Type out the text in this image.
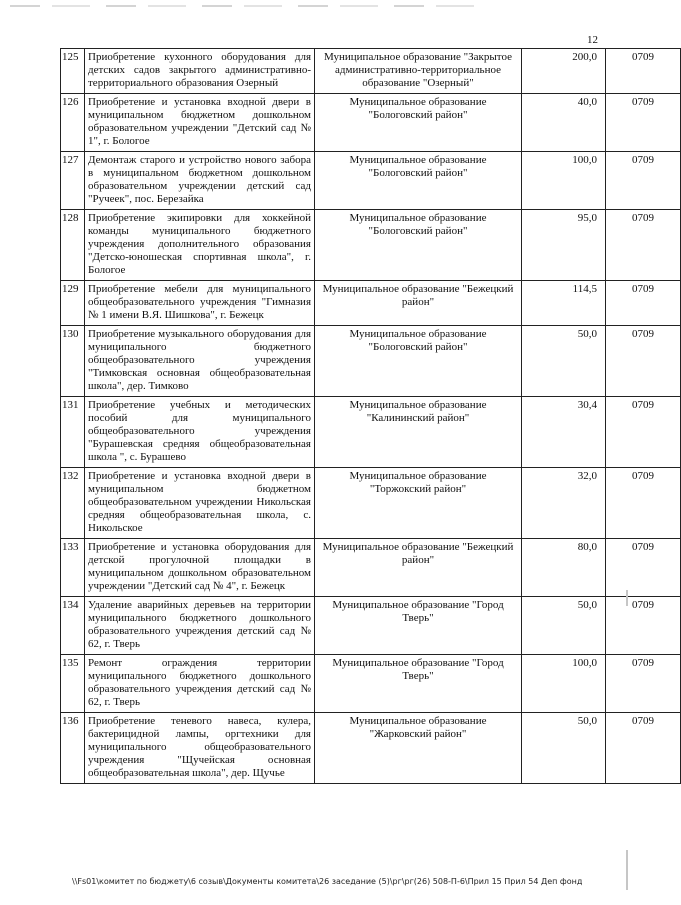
12
125	Приобретение кухонного оборудования для детских садов закрытого административно-территориального образования Озерный	Муниципальное образование "Закрытое административно-территориальное образование "Озерный"	200,0	0709
126	Приобретение и установка входной двери в муниципальном бюджетном дошкольном образовательном учреждении "Детский сад № 1", г. Бологое	Муниципальное образование "Бологовский район"	40,0	0709
127	Демонтаж старого и устройство нового забора в муниципальном бюджетном дошкольном образовательном учреждении детский сад "Ручеек", пос. Березайка	Муниципальное образование "Бологовский район"	100,0	0709
128	Приобретение экипировки для хоккейной команды муниципального бюджетного учреждения дополнительного образования "Детско-юношеская спортивная школа", г. Бологое	Муниципальное образование "Бологовский район"	95,0	0709
129	Приобретение мебели для муниципального общеобразовательного учреждения "Гимназия № 1 имени В.Я. Шишкова", г. Бежецк	Муниципальное образование "Бежецкий район"	114,5	0709
130	Приобретение музыкального оборудования для муниципального бюджетного общеобразовательного учреждения "Тимковская основная общеобразовательная школа", дер. Тимково	Муниципальное образование "Бологовский район"	50,0	0709
131	Приобретение учебных и методических пособий для муниципального общеобразовательного учреждения "Бурашевская средняя общеобразовательная школа ", с. Бурашево	Муниципальное образование "Калининский район"	30,4	0709
132	Приобретение и установка входной двери в муниципальном бюджетном общеобразовательном учреждении Никольская средняя общеобразовательная школа, с. Никольское	Муниципальное образование "Торжокский район"	32,0	0709
133	Приобретение и установка оборудования для детской прогулочной площадки в муниципальном дошкольном образовательном учреждении "Детский сад № 4", г. Бежецк	Муниципальное образование "Бежецкий район"	80,0	0709
134	Удаление аварийных деревьев на территории муниципального бюджетного дошкольного образовательного учреждения детский сад № 62, г. Тверь	Муниципальное образование "Город Тверь"	50,0	0709
135	Ремонт ограждения территории муниципального бюджетного дошкольного образовательного учреждения детский сад № 62, г. Тверь	Муниципальное образование "Город Тверь"	100,0	0709
136	Приобретение теневого навеса, кулера, бактерицидной лампы, оргтехники для муниципального общеобразовательного учреждения "Щучейская основная общеобразовательная школа", дер. Щучье	Муниципальное образование "Жарковский район"	50,0	0709
\\Fs01\комитет по бюджету\6 созыв\Документы комитета\26 заседание (5)\рг\рг(26) 508-П-6\Прил 15 Прил 54 Деп фонд
